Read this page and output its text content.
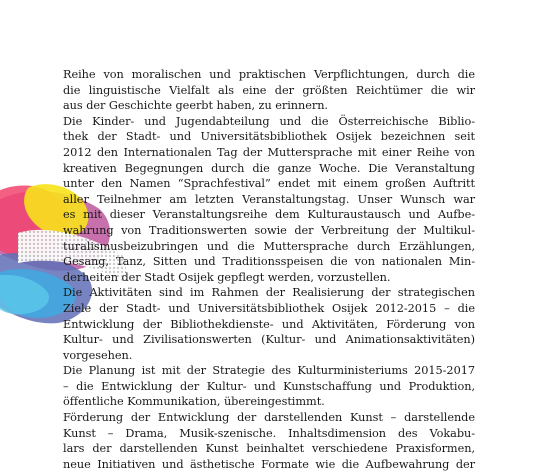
Reihe von moralischen und praktischen Verpflichtungen, durch die
die linguistische Vielfalt als eine der größten Reichtümer die wir
aus der Geschichte geerbt haben, zu erinnern.
Die Kinder- und Jugendabteilung und die Österreichische Biblio-
thek der Stadt- und Universitätsbibliothek Osijek bezeichnen seit
2012 den Internationalen Tag der Muttersprache mit einer Reihe von
kreativen Begegnungen durch die ganze Woche. Die Veranstaltung
unter den Namen “Sprachfestival” endet mit einem großen Auftritt
aller Teilnehmer am letzten Veranstaltungstag. Unser Wunsch war
es mit dieser Veranstaltungsreihe dem Kulturaustausch und Aufbe-
wahrung von Traditionswerten sowie der Verbreitung der Multikul-
turalismusbeizubringen und die Muttersprache durch Erzählungen,
Gesang, Tanz, Sitten und Traditionsspeisen die von nationalen Min-
derheiten der Stadt Osijek gepflegt werden, vorzustellen.
Die Aktivitäten sind im Rahmen der Realisierung der strategischen
Ziele der Stadt- und Universitätsbibliothek Osijek 2012-2015 – die
Entwicklung der Bibliothekdienste- und Aktivitäten, Förderung von
Kultur- und Zivilisationswerten (Kultur- und Animationsaktivitäten)
vorgesehen.
Die Planung ist mit der Strategie des Kulturministeriums 2015-2017
– die Entwicklung der Kultur- und Kunstschaffung und Produktion,
öffentliche Kommunikation, übereingestimmt.
Förderung der Entwicklung der darstellenden Kunst – darstellende
Kunst – Drama, Musik-szenische. Inhaltsdimension des Vokabu-
lars der darstellenden Kunst beinhaltet verschiedene Praxisformen,
neue Initiativen und ästhetische Formate wie die Aufbewahrung der
